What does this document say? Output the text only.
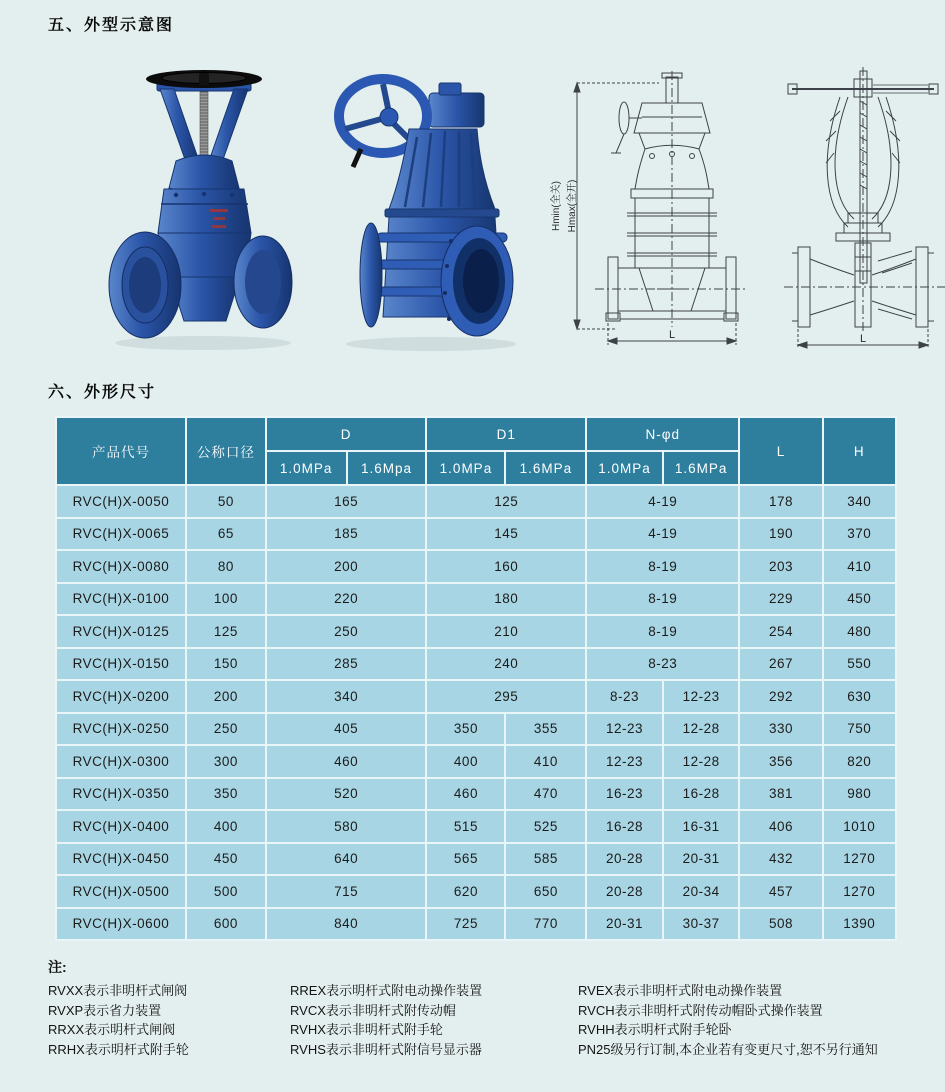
五、外型示意图
Hmin(全关) Hmax(全开)
L	L
六、外形尺寸
产品代号	公称口径	D		D1		N-φd		L	H
		1.0MPa	1.6Mpa	1.0MPa	1.6MPa	1.0MPa	1.6MPa		
RVC(H)X-0050	50	165		125		4-19		178	340
RVC(H)X-0065	65	185		145		4-19		190	370
RVC(H)X-0080	80	200		160		8-19		203	410
RVC(H)X-0100	100	220		180		8-19		229	450
RVC(H)X-0125	125	250		210		8-19		254	480
RVC(H)X-0150	150	285		240		8-23		267	550
RVC(H)X-0200	200	340		295		8-23	12-23	292	630
RVC(H)X-0250	250	405		350	355	12-23	12-28	330	750
RVC(H)X-0300	300	460		400	410	12-23	12-28	356	820
RVC(H)X-0350	350	520		460	470	16-23	16-28	381	980
RVC(H)X-0400	400	580		515	525	16-28	16-31	406	1010
RVC(H)X-0450	450	640		565	585	20-28	20-31	432	1270
RVC(H)X-0500	500	715		620	650	20-28	20-34	457	1270
RVC(H)X-0600	600	840		725	770	20-31	30-37	508	1390

注:

RVXX表示非明杆式闸阀
RVXP表示省力装置
RRXX表示明杆式闸阀
RRHX表示明杆式附手轮
RREX表示明杆式附电动操作装置
RVCX表示非明杆式附传动帽
RVHX表示非明杆式附手轮
RVHS表示非明杆式附信号显示器
RVEX表示非明杆式附电动操作装置
RVCH表示非明杆式附传动帽卧式操作装置
RVHH表示明杆式附手轮卧
PN25级另行订制,本企业若有变更尺寸,恕不另行通知
